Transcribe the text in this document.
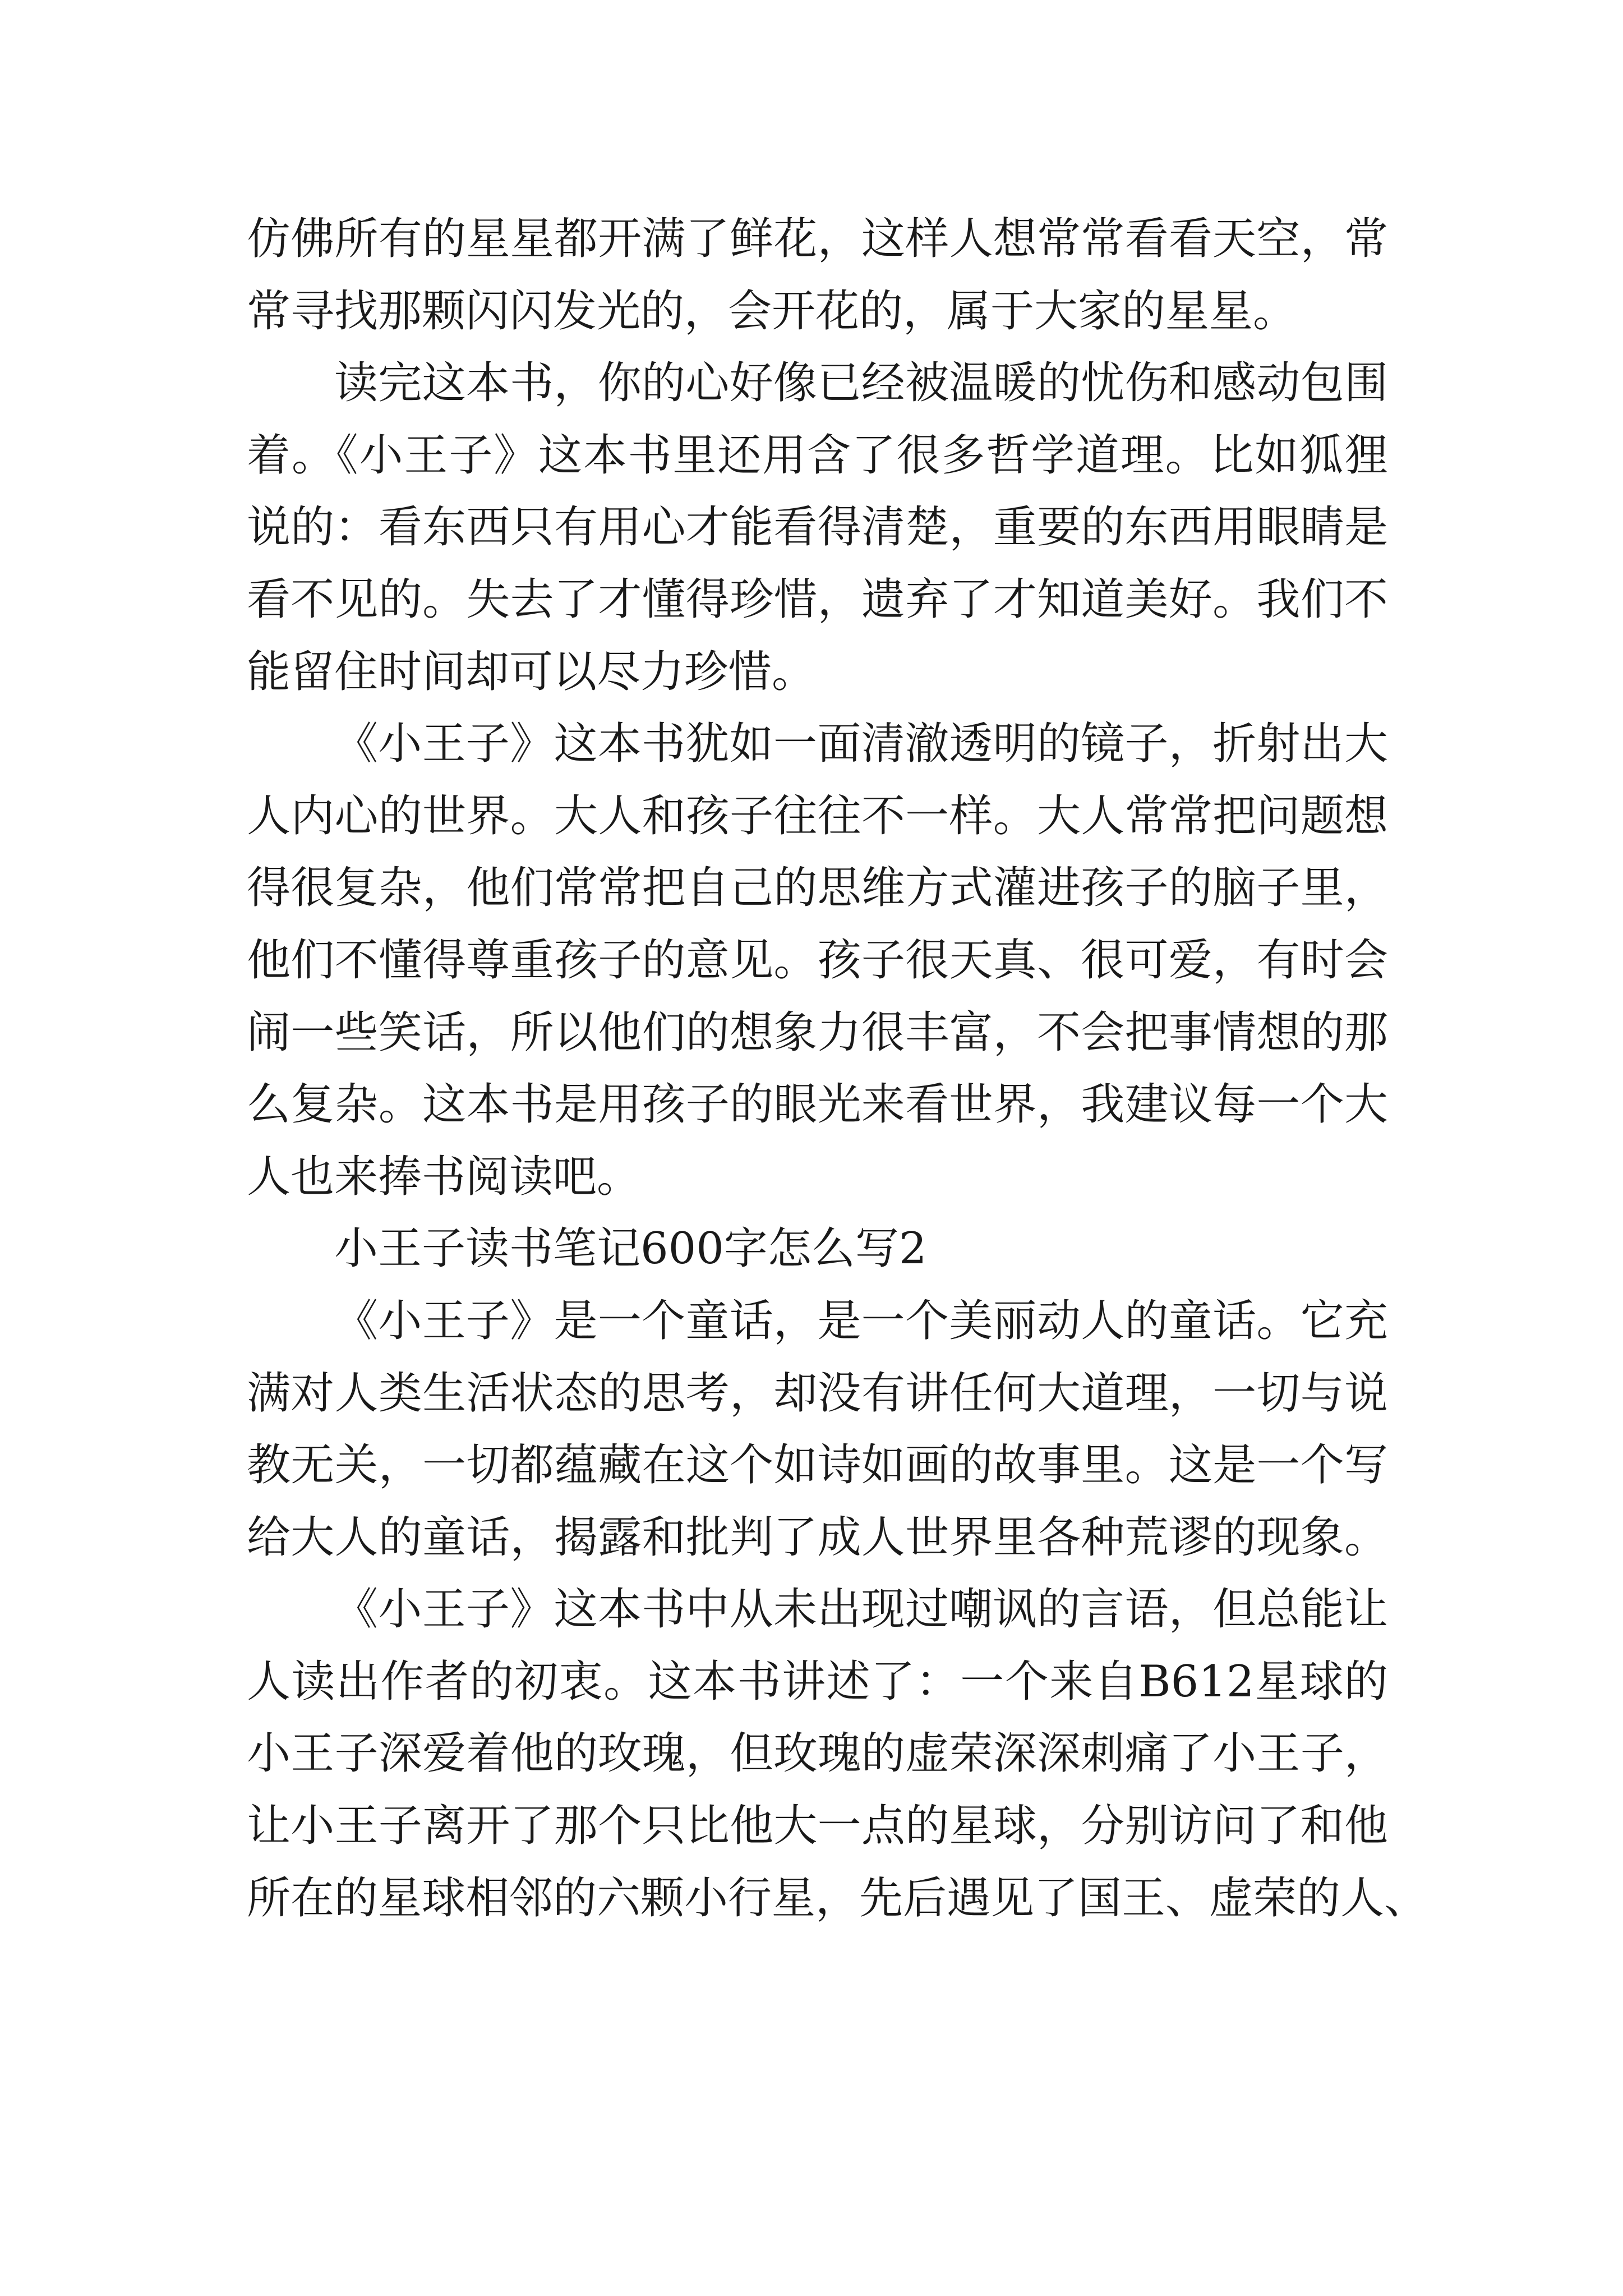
仿佛所有的星星都开满了鲜花，这样人想常常看看天空，常
常寻找那颗闪闪发光的，会开花的，属于大家的星星。

读完这本书，你的心好像已经被温暖的忧伤和感动包围
着。《小王子》这本书里还用含了很多哲学道理。比如狐狸
说的：看东西只有用心才能看得清楚，重要的东西用眼睛是
看不见的。失去了才懂得珍惜，遗弃了才知道美好。我们不
能留住时间却可以尽力珍惜。

《小王子》这本书犹如一面清澈透明的镜子，折射出大
人内心的世界。大人和孩子往往不一样。大人常常把问题想
得很复杂，他们常常把自己的思维方式灌进孩子的脑子里，
他们不懂得尊重孩子的意见。孩子很天真、很可爱，有时会
闹一些笑话，所以他们的想象力很丰富，不会把事情想的那
么复杂。这本书是用孩子的眼光来看世界，我建议每一个大
人也来捧书阅读吧。

小王子读书笔记600字怎么写2

《小王子》是一个童话，是一个美丽动人的童话。它充
满对人类生活状态的思考，却没有讲任何大道理，一切与说
教无关，一切都蕴藏在这个如诗如画的故事里。这是一个写
给大人的童话，揭露和批判了成人世界里各种荒谬的现象。

《小王子》这本书中从未出现过嘲讽的言语，但总能让
人读出作者的初衷。这本书讲述了：一个来自B612星球的
小王子深爱着他的玫瑰，但玫瑰的虚荣深深刺痛了小王子，
让小王子离开了那个只比他大一点的星球，分别访问了和他
所在的星球相邻的六颗小行星，先后遇见了国王、虚荣的人、
